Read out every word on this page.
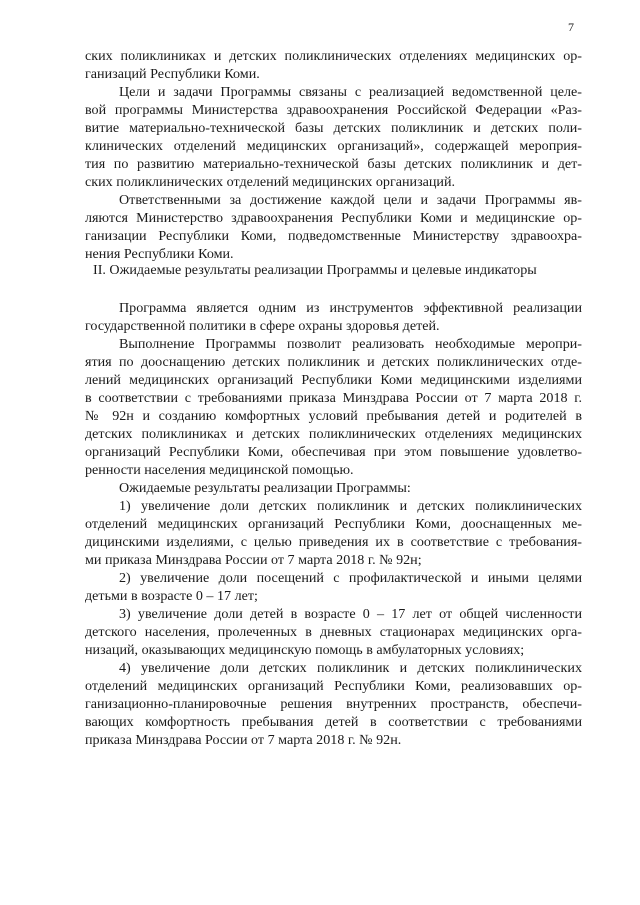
7
ских поликлиниках и детских поликлинических отделениях медицинских ор-
ганизаций Республики Коми.
Цели и задачи Программы связаны с реализацией ведомственной целе-
вой программы Министерства здравоохранения Российской Федерации «Раз-
витие материально-технической базы детских поликлиник и детских поли-
клинических отделений медицинских организаций», содержащей мероприя-
тия по развитию материально-технической базы детских поликлиник и дет-
ских поликлинических отделений медицинских организаций.
Ответственными за достижение каждой цели и задачи Программы яв-
ляются Министерство здравоохранения Республики Коми и медицинские ор-
ганизации Республики Коми, подведомственные Министерству здравоохра-
нения Республики Коми.
II. Ожидаемые результаты реализации Программы и целевые индикаторы
Программа является одним из инструментов эффективной реализации
государственной политики в сфере охраны здоровья детей.
Выполнение Программы позволит реализовать необходимые меропри-
ятия по дооснащению детских поликлиник и детских поликлинических отде-
лений медицинских организаций Республики Коми медицинскими изделиями
в соответствии с требованиями приказа Минздрава России от 7 марта 2018 г.
№ 92н и созданию комфортных условий пребывания детей и родителей в
детских поликлиниках и детских поликлинических отделениях медицинских
организаций Республики Коми, обеспечивая при этом повышение удовлетво-
ренности населения медицинской помощью.
Ожидаемые результаты реализации Программы:
1) увеличение доли детских поликлиник и детских поликлинических
отделений медицинских организаций Республики Коми, дооснащенных ме-
дицинскими изделиями, с целью приведения их в соответствие с требования-
ми приказа Минздрава России от 7 марта 2018 г. № 92н;
2) увеличение доли посещений с профилактической и иными целями
детьми в возрасте 0 – 17 лет;
3) увеличение доли детей в возрасте 0 – 17 лет от общей численности
детского населения, пролеченных в дневных стационарах медицинских орга-
низаций, оказывающих медицинскую помощь в амбулаторных условиях;
4) увеличение доли детских поликлиник и детских поликлинических
отделений медицинских организаций Республики Коми, реализовавших ор-
ганизационно-планировочные решения внутренних пространств, обеспечи-
вающих комфортность пребывания детей в соответствии с требованиями
приказа Минздрава России от 7 марта 2018 г. № 92н.
